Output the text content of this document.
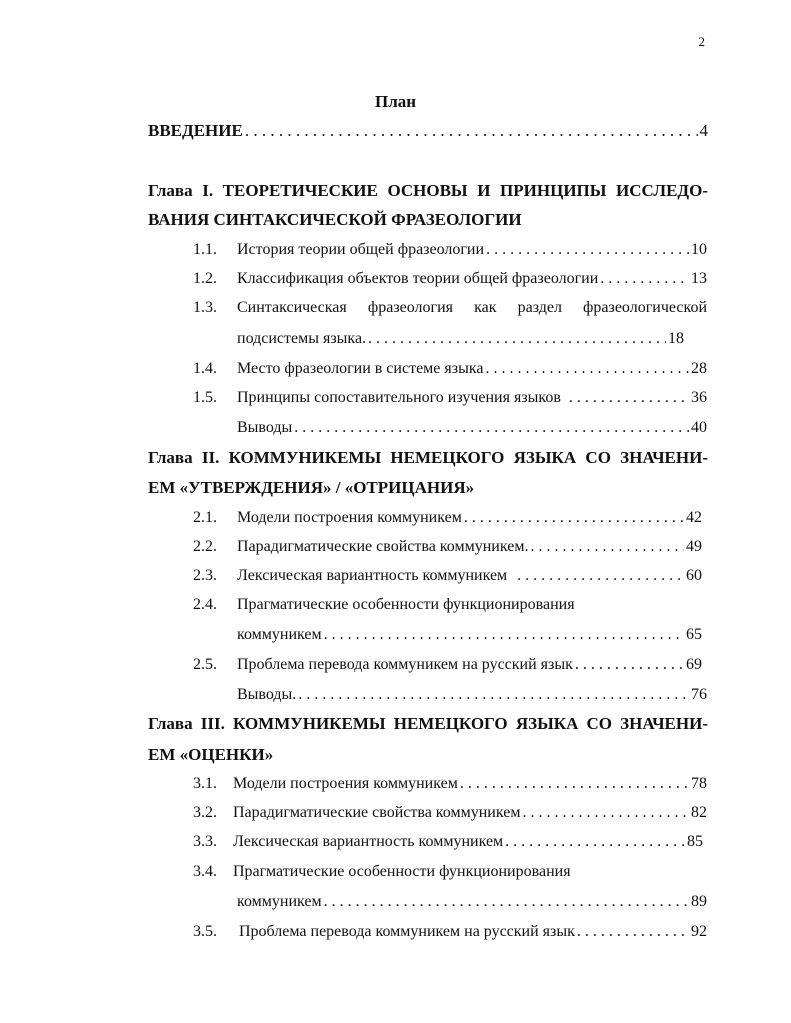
2
План
ВВЕДЕНИЕ . . .	4
Глава I. ТЕОРЕТИЧЕСКИЕ ОСНОВЫ И ПРИНЦИПЫ ИССЛЕДО-
ВАНИЯ СИНТАКСИЧЕСКОЙ ФРАЗЕОЛОГИИ
1.1. История теории общей фразеологии . . .	10
1.2. Классификация объектов теории общей фразеологии . . .	13
1.3. Синтаксическая фразеология как раздел фразеологической
подсистемы языка. . . .	18
1.4. Место фразеологии в системе языка . . .	28
1.5. Принципы сопоставительного изучения языков . . .	36
Выводы . . .	40
Глава II. КОММУНИКЕМЫ НЕМЕЦКОГО ЯЗЫКА СО ЗНАЧЕНИ-
ЕМ «УТВЕРЖДЕНИЯ» / «ОТРИЦАНИЯ»
2.1. Модели построения коммуникем . . .	42
2.2. Парадигматические свойства коммуникем. . . .	49
2.3. Лексическая вариантность коммуникем . . .	60
2.4. Прагматические особенности функционирования
коммуникем . . .	65
2.5. Проблема перевода коммуникем на русский язык . . .	69
Выводы. . . .	76
Глава III. КОММУНИКЕМЫ НЕМЕЦКОГО ЯЗЫКА СО ЗНАЧЕНИ-
ЕМ «ОЦЕНКИ»
3.1. Модели построения коммуникем . . .	78
3.2. Парадигматические свойства коммуникем . . .	82
3.3. Лексическая вариантность коммуникем . . .	85
3.4. Прагматические особенности функционирования
коммуникем . . .	89
3.5. Проблема перевода коммуникем на русский язык . . .	92
